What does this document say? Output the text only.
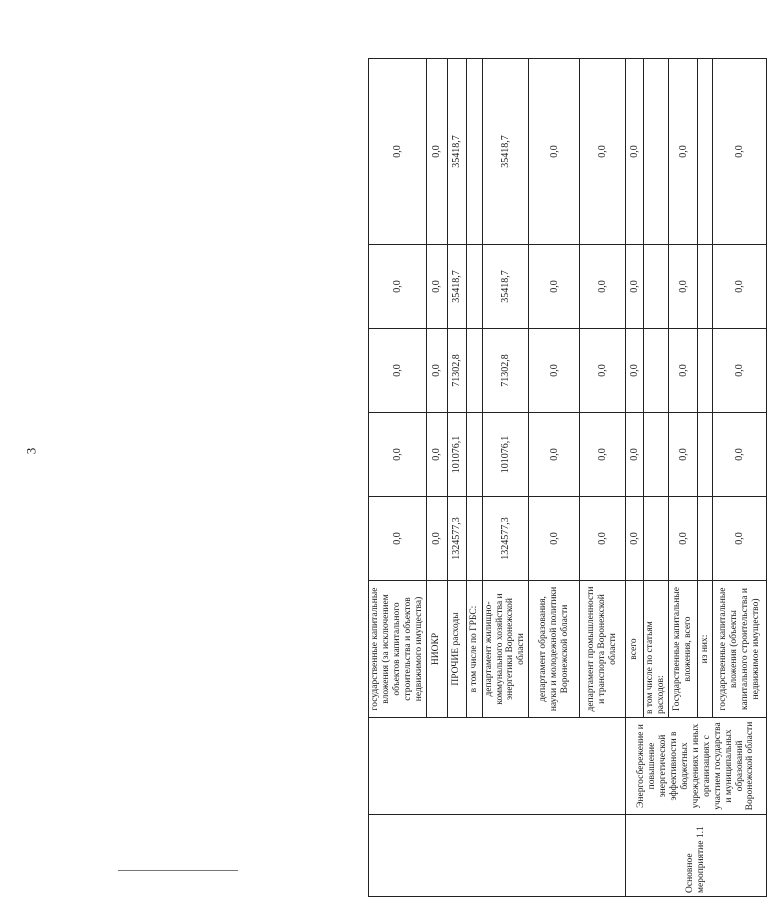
3
		государственные капитальные вложения (за исключением объектов капитального строительства и объектов недвижимого имущества)	0,0	0,0	0,0	0,0	0,0
		НИОКР	0,0	0,0	0,0	0,0	0,0
		ПРОЧИЕ расходы	1324577,3	101076,1	71302,8	35418,7	35418,7
		в том числе по ГРБС:					
		департамент жилищно-коммунального хозяйства и энергетики Воронежской области	1324577,3	101076,1	71302,8	35418,7	35418,7
		департамент образования, науки и молодежной политики Воронежской области	0,0	0,0	0,0	0,0	0,0
		департамент промышленности и транспорта Воронежской области	0,0	0,0	0,0	0,0	0,0
Основное мероприятие 1.1	Энергосбережение и повышение энергетической эффективности в бюджетных учреждениях и иных организациях с участием государства и муниципальных образований Воронежской области	всего	0,0	0,0	0,0	0,0	0,0
		в том числе по статьям расходов:					
		Государственные капитальные вложения, всего	0,0	0,0	0,0	0,0	0,0
		из них:					
		государственные капитальные вложения (объекты капитального строительства и недвижимое имущество)	0,0	0,0	0,0	0,0	0,0
